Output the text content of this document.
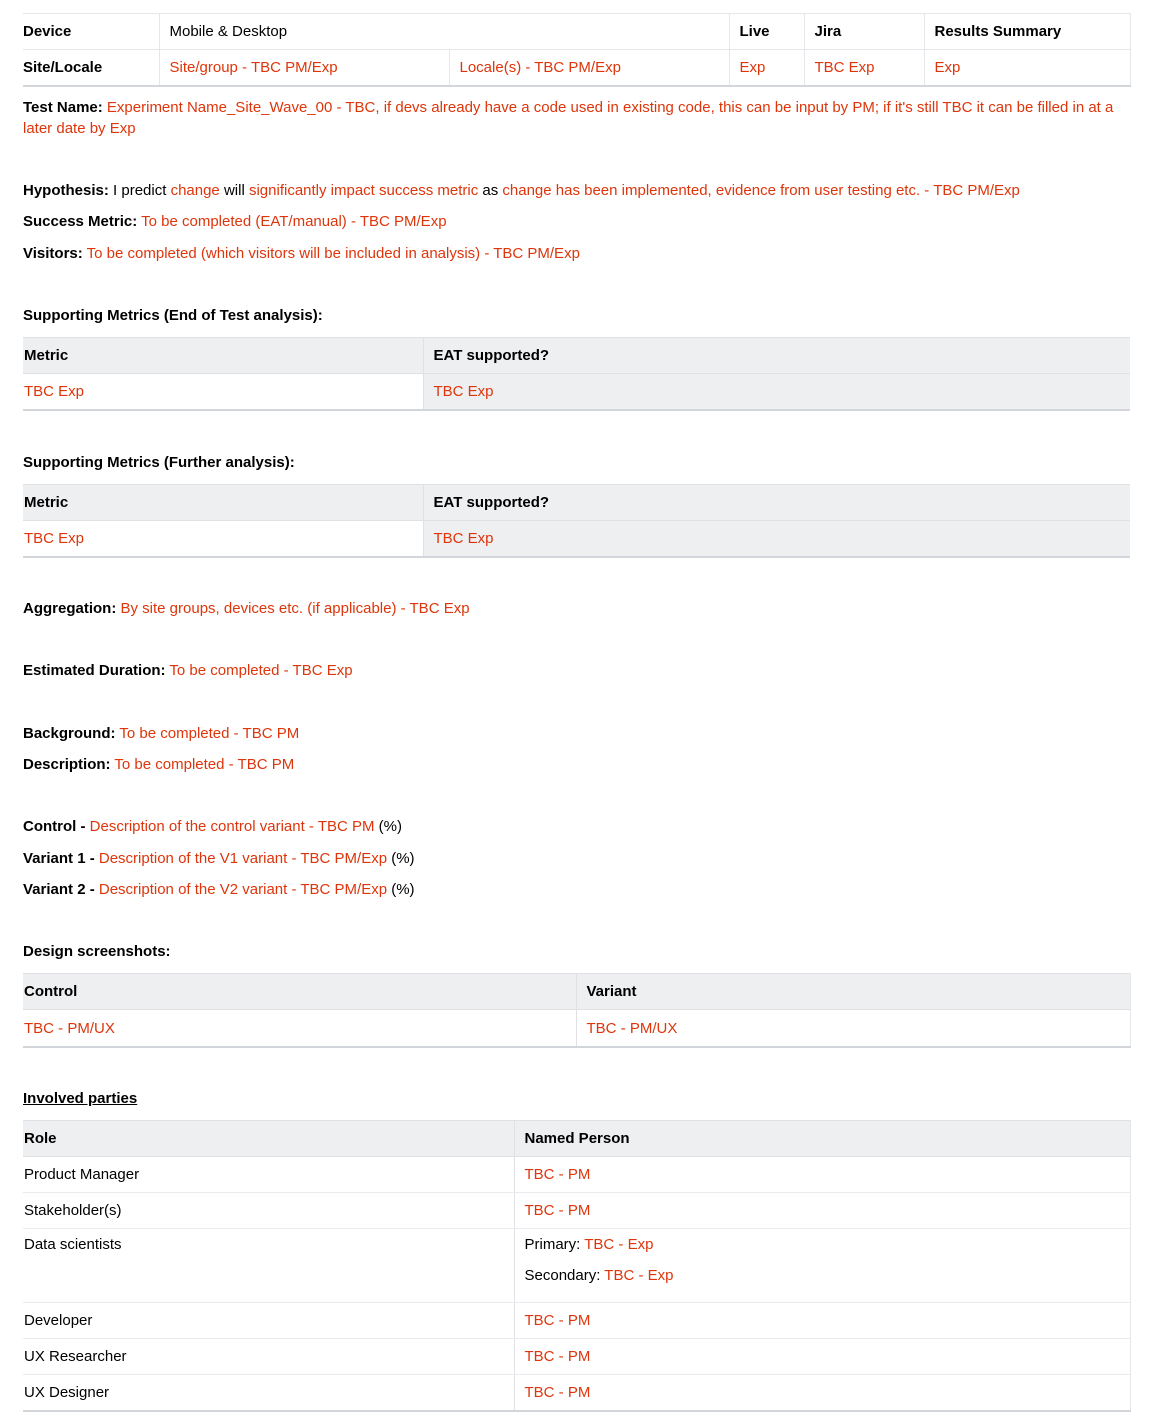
Device	Mobile & Desktop		Live	Jira	Results Summary
Site/Locale	Site/group - TBC PM/Exp	Locale(s) - TBC PM/Exp	Exp	TBC Exp	Exp
Test Name: Experiment Name_Site_Wave_00 - TBC, if devs already have a code used in existing code, this can be input by PM; if it's still TBC it can be filled in at a later date by Exp
Hypothesis: I predict change will significantly impact success metric as change has been implemented, evidence from user testing etc. - TBC PM/Exp
Success Metric: To be completed (EAT/manual) - TBC PM/Exp
Visitors: To be completed (which visitors will be included in analysis) - TBC PM/Exp
Supporting Metrics (End of Test analysis):
Metric	EAT supported?
TBC Exp	TBC Exp
Supporting Metrics (Further analysis):
Metric	EAT supported?
TBC Exp	TBC Exp
Aggregation: By site groups, devices etc. (if applicable) - TBC Exp
Estimated Duration: To be completed - TBC Exp
Background: To be completed - TBC PM
Description: To be completed - TBC PM
Control - Description of the control variant - TBC PM (%)
Variant 1 - Description of the V1 variant - TBC PM/Exp (%)
Variant 2 - Description of the V2 variant - TBC PM/Exp (%)
Design screenshots:
Control	Variant
TBC - PM/UX	TBC - PM/UX
Involved parties
Role	Named Person
Product Manager	TBC - PM
Stakeholder(s)	TBC - PM
Data scientists	Primary: TBC - Exp
Secondary: TBC - Exp

Developer	TBC - PM
UX Researcher	TBC - PM
UX Designer	TBC - PM
